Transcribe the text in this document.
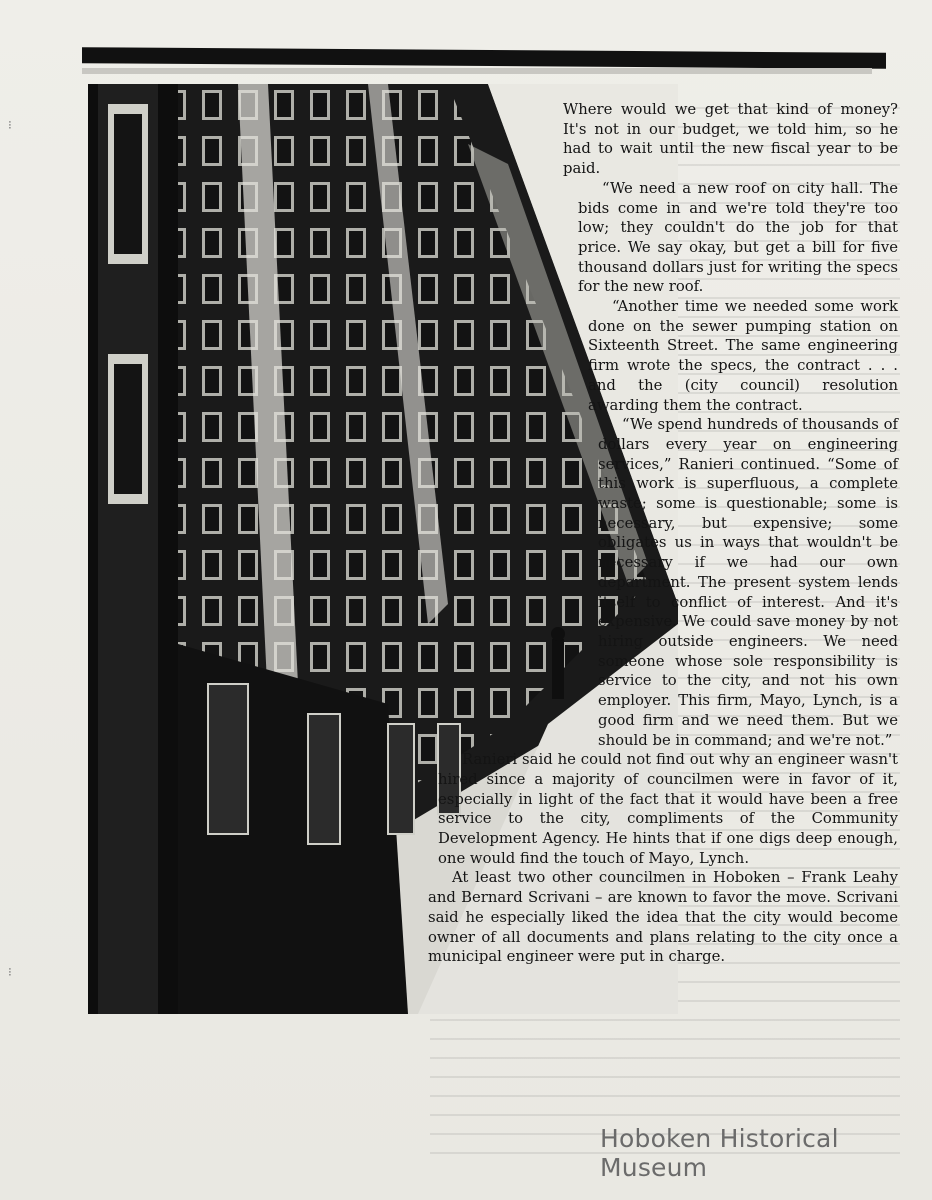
⁝
⁝

Where would we get that kind of money? It's not in our budget, we told him, so he had to wait until the new fiscal year to be paid.

“We need a new roof on city hall. The bids come in and we're told they're too low; they couldn't do the job for that price. We say okay, but get a bill for five thousand dollars just for writing the specs for the new roof.

“Another time we needed some work done on the sewer pumping station on Sixteenth Street. The same engineering firm wrote the specs, the contract . . . and the (city council) resolution awarding them the contract.

“We spend hundreds of thousands of dollars every year on engineering services,” Ranieri continued. “Some of this work is superfluous, a complete waste; some is questionable; some is necessary, but expensive; some obligates us in ways that wouldn't be necessary if we had our own department. The present system lends itself to conflict of interest. And it's expensive. We could save money by not hiring outside engineers. We need someone whose sole responsibility is service to the city, and not his own employer. This firm, Mayo, Lynch, is a good firm and we need them. But we should be in command; and we're not.”

Ranieri said he could not find out why an engineer wasn't hired since a majority of councilmen were in favor of it, especially in light of the fact that it would have been a free service to the city, compliments of the Community Development Agency. He hints that if one digs deep enough, one would find the touch of Mayo, Lynch.

At least two other councilmen in Hoboken – Frank Leahy and Bernard Scrivani – are known to favor the move. Scrivani said he especially liked the idea that the city would become owner of all documents and plans relating to the city once a municipal engineer were put in charge.

Hoboken Historical Museum
